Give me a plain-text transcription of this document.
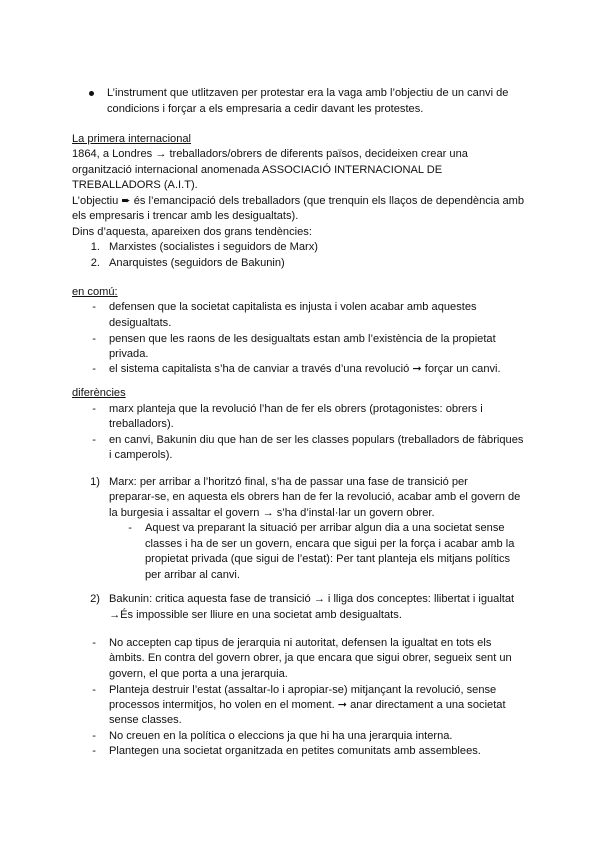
L’instrument que utlitzaven per protestar era la vaga amb l’objectiu de un canvi de
condicions i forçar a els empresaria a cedir davant les protestes.
La primera internacional
1864, a Londres → treballadors/obrers de diferents països, decideixen crear una
organització internacional anomenada ASSOCIACIÓ INTERNACIONAL DE
TREBALLADORS (A.I.T).
L’objectiu ➨ és l’emancipació dels treballadors (que trenquin els llaços de dependència amb
els empresaris i trencar amb les desigualtats).
Dins d’aquesta, apareixen dos grans tendències:
1. Marxistes (socialistes i seguidors de Marx)
2. Anarquistes (seguidors de Bakunin)
en comú:
- defensen que la societat capitalista es injusta i volen acabar amb aquestes
desigualtats.
- pensen que les raons de les desigualtats estan amb l’existència de la propietat
privada.
- el sistema capitalista s’ha de canviar a través d’una revolució ➞ forçar un canvi.
diferències
- marx planteja que la revolució l’han de fer els obrers (protagonistes: obrers i
treballadors).
- en canvi, Bakunin diu que han de ser les classes populars (treballadors de fàbriques
i camperols).
1) Marx: per arribar a l’horitzó final, s’ha de passar una fase de transició per
preparar-se, en aquesta els obrers han de fer la revolució, acabar amb el govern de
la burgesia i assaltar el govern → s’ha d’instal·lar un govern obrer.
- Aquest va preparant la situació per arribar algun dia a una societat sense
classes i ha de ser un govern, encara que sigui per la força i acabar amb la
propietat privada (que sigui de l’estat): Per tant planteja els mitjans polítics
per arribar al canvi.
2) Bakunin: critica aquesta fase de transició → i lliga dos conceptes: llibertat i igualtat
→És impossible ser lliure en una societat amb desigualtats.
- No accepten cap tipus de jerarquia ni autoritat, defensen la igualtat en tots els
àmbits. En contra del govern obrer, ja que encara que sigui obrer, segueix sent un
govern, el que porta a una jerarquia.
- Planteja destruir l’estat (assaltar-lo i apropiar-se) mitjançant la revolució, sense
processos intermitjos, ho volen en el moment. ➞ anar directament a una societat
sense classes.
- No creuen en la política o eleccions ja que hi ha una jerarquia interna.
- Plantegen una societat organitzada en petites comunitats amb assemblees.
